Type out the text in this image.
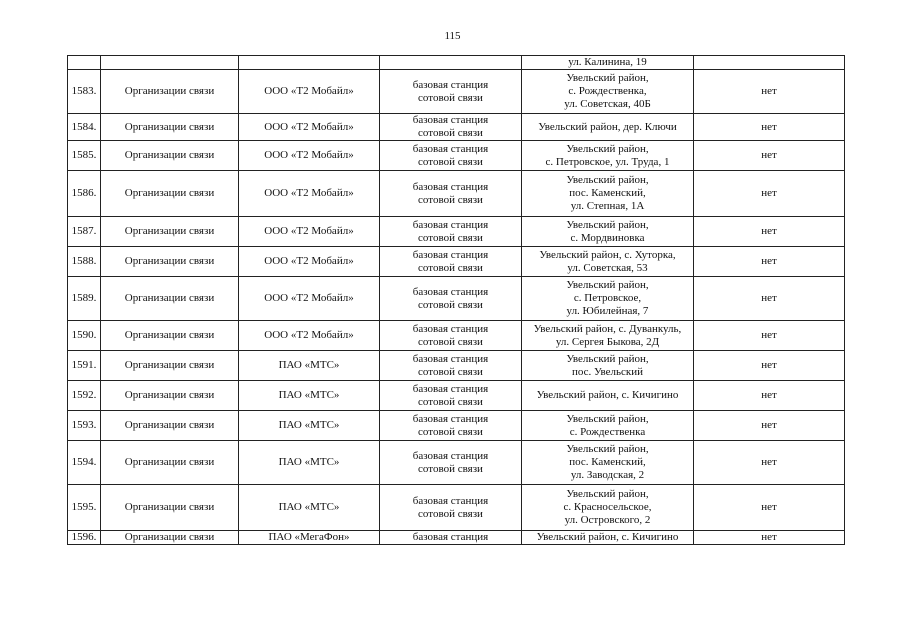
115

				ул. Калинина, 19	

1583.	Организации связи	ООО «Т2 Мобайл»	базовая станция
сотовой связи	Увельский район,
с. Рождественка,
ул. Советская, 40Б	нет
1584.	Организации связи	ООО «Т2 Мобайл»	базовая станция
сотовой связи	Увельский район, дер. Ключи	нет
1585.	Организации связи	ООО «Т2 Мобайл»	базовая станция
сотовой связи	Увельский район,
с. Петровское, ул. Труда, 1	нет
1586.	Организации связи	ООО «Т2 Мобайл»	базовая станция
сотовой связи	Увельский район,
пос. Каменский,
ул. Степная, 1А	нет
1587.	Организации связи	ООО «Т2 Мобайл»	базовая станция
сотовой связи	Увельский район,
с. Мордвиновка	нет
1588.	Организации связи	ООО «Т2 Мобайл»	базовая станция
сотовой связи	Увельский район, с. Хуторка,
ул. Советская, 53	нет
1589.	Организации связи	ООО «Т2 Мобайл»	базовая станция
сотовой связи	Увельский район,
с. Петровское,
ул. Юбилейная, 7	нет
1590.	Организации связи	ООО «Т2 Мобайл»	базовая станция
сотовой связи	Увельский район, с. Дуванкуль,
ул. Сергея Быкова, 2Д	нет
1591.	Организации связи	ПАО «МТС»	базовая станция
сотовой связи	Увельский район,
пос. Увельский	нет
1592.	Организации связи	ПАО «МТС»	базовая станция
сотовой связи	Увельский район, с. Кичигино	нет
1593.	Организации связи	ПАО «МТС»	базовая станция
сотовой связи	Увельский район,
с. Рождественка	нет
1594.	Организации связи	ПАО «МТС»	базовая станция
сотовой связи	Увельский район,
пос. Каменский,
ул. Заводская, 2	нет
1595.	Организации связи	ПАО «МТС»	базовая станция
сотовой связи	Увельский район,
с. Красносельское,
ул. Островского, 2	нет
1596.	Организации связи	ПАО «МегаФон»	базовая станция	Увельский район, с. Кичигино	нет
